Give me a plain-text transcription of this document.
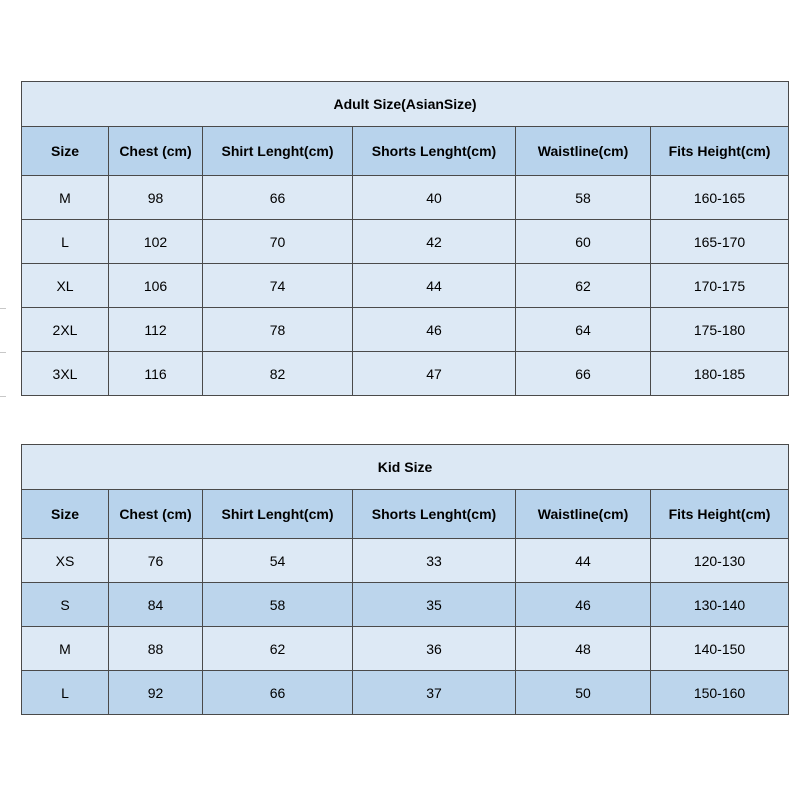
Adult Size(AsianSize)					
Size	Chest (cm)	Shirt Lenght(cm)	Shorts Lenght(cm)	Waistline(cm)	Fits Height(cm)
M	98	66	40	58	160-165
L	102	70	42	60	165-170
XL	106	74	44	62	170-175
2XL	112	78	46	64	175-180
3XL	116	82	47	66	180-185
Kid Size					
Size	Chest (cm)	Shirt Lenght(cm)	Shorts Lenght(cm)	Waistline(cm)	Fits Height(cm)
XS	76	54	33	44	120-130
S	84	58	35	46	130-140
M	88	62	36	48	140-150
L	92	66	37	50	150-160
